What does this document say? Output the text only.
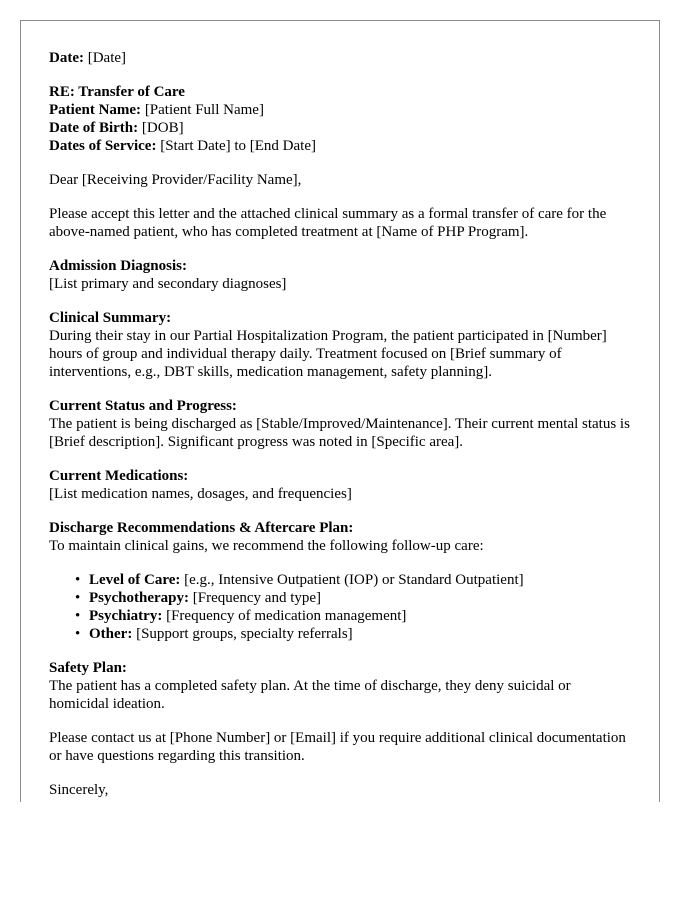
Date: [Date]

RE: Transfer of Care
Patient Name: [Patient Full Name]
Date of Birth: [DOB]
Dates of Service: [Start Date] to [End Date]

Dear [Receiving Provider/Facility Name],

Please accept this letter and the attached clinical summary as a formal transfer of care for the above-named patient, who has completed treatment at [Name of PHP Program].

Admission Diagnosis:
[List primary and secondary diagnoses]

Clinical Summary:
During their stay in our Partial Hospitalization Program, the patient participated in [Number] hours of group and individual therapy daily. Treatment focused on [Brief summary of interventions, e.g., DBT skills, medication management, safety planning].

Current Status and Progress:
The patient is being discharged as [Stable/Improved/Maintenance]. Their current mental status is [Brief description]. Significant progress was noted in [Specific area].

Current Medications:
[List medication names, dosages, and frequencies]

Discharge Recommendations & Aftercare Plan:
To maintain clinical gains, we recommend the following follow-up care:

• Level of Care: [e.g., Intensive Outpatient (IOP) or Standard Outpatient]
• Psychotherapy: [Frequency and type]
• Psychiatry: [Frequency of medication management]
• Other: [Support groups, specialty referrals]

Safety Plan:
The patient has a completed safety plan. At the time of discharge, they deny suicidal or homicidal ideation.

Please contact us at [Phone Number] or [Email] if you require additional clinical documentation or have questions regarding this transition.

Sincerely,
